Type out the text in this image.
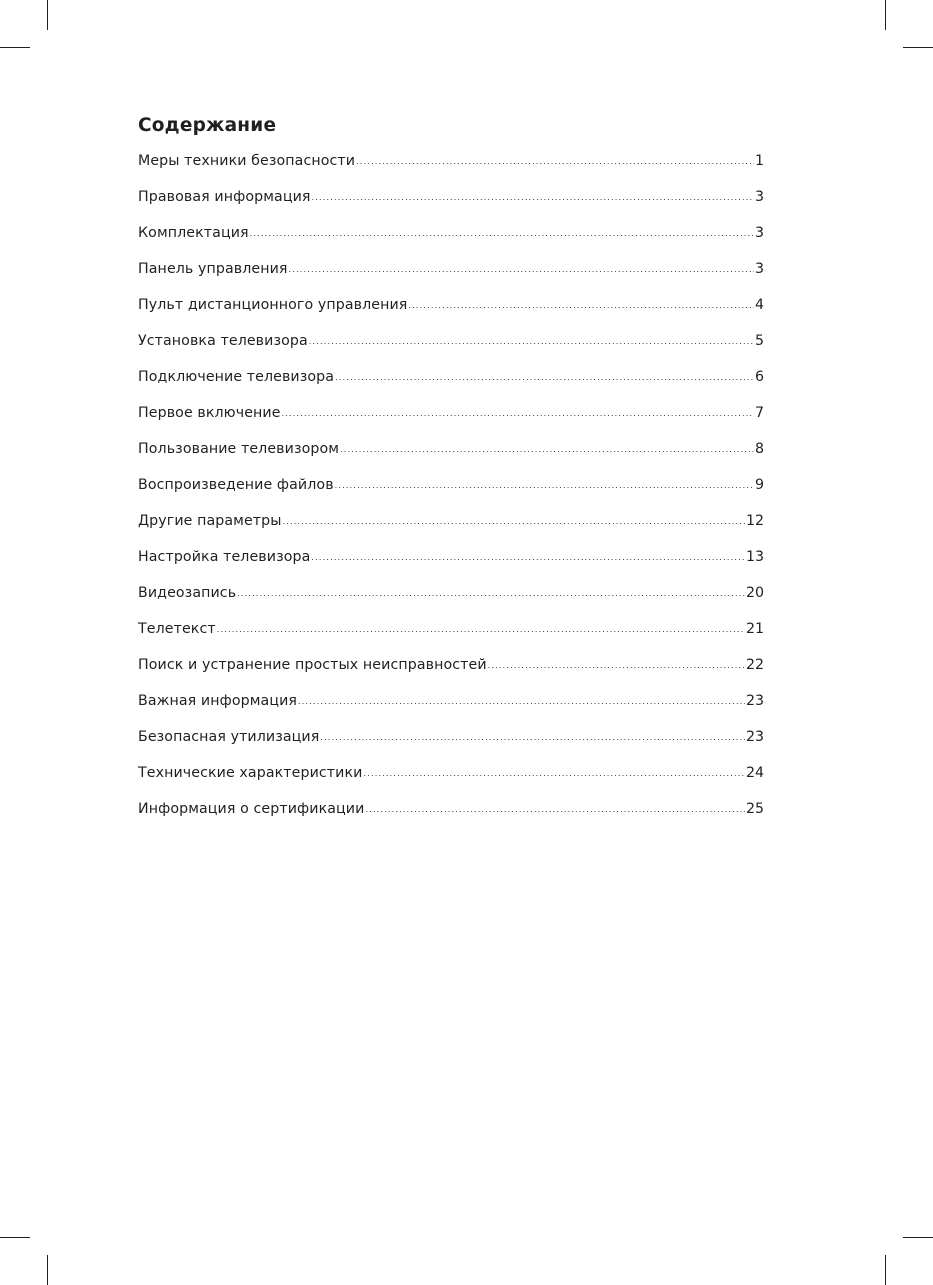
Содержание
Меры техники безопасности .....	1
Правовая информация .....	3
Комплектация .....	3
Панель управления .....	3
Пульт дистанционного управления .....	4
Установка телевизора .....	5
Подключение телевизора .....	6
Первое включение .....	7
Пользование телевизором .....	8
Воспроизведение файлов .....	9
Другие параметры .....	12
Настройка телевизора .....	13
Видеозапись .....	20
Телетекст .....	21
Поиск и устранение простых неисправностей .....	22
Важная информация .....	23
Безопасная утилизация .....	23
Технические характеристики .....	24
Информация о сертификации .....	25
